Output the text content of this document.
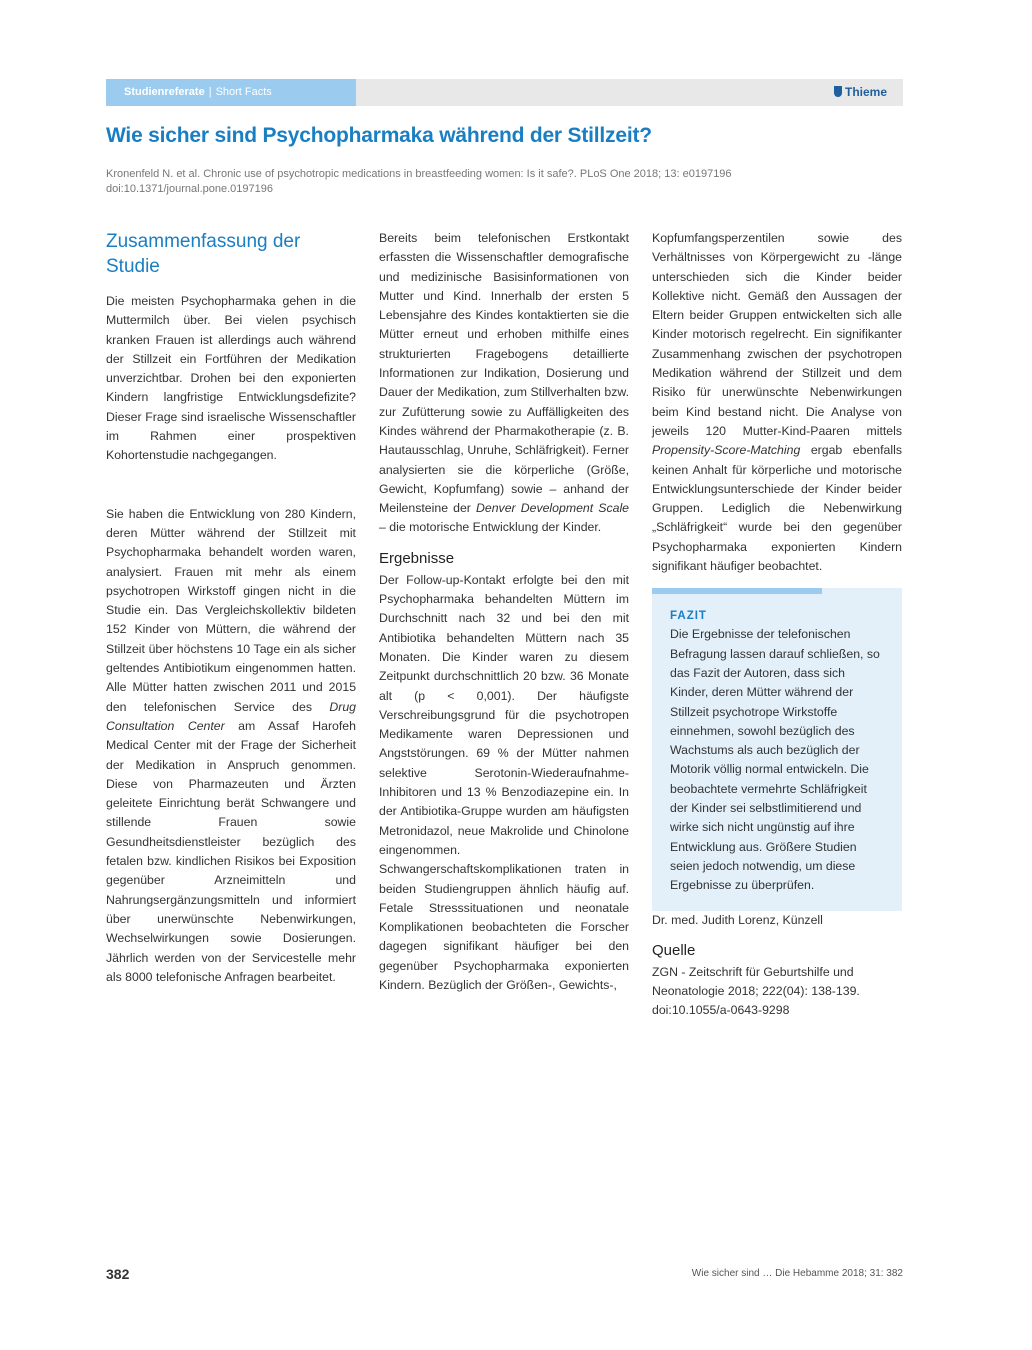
Studienreferate | Short Facts	Thieme
Wie sicher sind Psychopharmaka während der Stillzeit?
Kronenfeld N. et al. Chronic use of psychotropic medications in breastfeeding women: Is it safe?. PLoS One 2018; 13: e0197196
doi:10.1371/journal.pone.0197196
Zusammenfassung der Studie

Die meisten Psychopharmaka gehen in die Muttermilch über. Bei vielen psychisch kranken Frauen ist allerdings auch während der Stillzeit ein Fortführen der Medikation unverzichtbar. Drohen bei den exponierten Kindern langfristige Entwicklungsdefizite? Dieser Frage sind israelische Wissenschaftler im Rahmen einer prospektiven Kohortenstudie nachgegangen.

Sie haben die Entwicklung von 280 Kindern, deren Mütter während der Stillzeit mit Psychopharmaka behandelt worden waren, analysiert. Frauen mit mehr als einem psychotropen Wirkstoff gingen nicht in die Studie ein. Das Vergleichskollektiv bildeten 152 Kinder von Müttern, die während der Stillzeit über höchstens 10 Tage ein als sicher geltendes Antibiotikum eingenommen hatten. Alle Mütter hatten zwischen 2011 und 2015 den telefonischen Service des Drug Consultation Center am Assaf Harofeh Medical Center mit der Frage der Sicherheit der Medikation in Anspruch genommen. Diese von Pharmazeuten und Ärzten geleitete Einrichtung berät Schwangere und stillende	Frauen	sowie Gesundheitsdienstleister bezüglich des fetalen bzw. kindlichen Risikos bei Exposition gegenüber	Arzneimitteln	und Nahrungsergänzungsmitteln und informiert über unerwünschte Nebenwirkungen, Wechselwirkungen sowie Dosierungen. Jährlich werden von der Servicestelle mehr als 8000 telefonische Anfragen bearbeitet.

Bereits beim telefonischen Erstkontakt erfassten die Wissenschaftler demografische und medizinische Basisinformationen von Mutter und Kind. Innerhalb der ersten 5 Lebensjahre des Kindes kontaktierten sie die Mütter erneut und erhoben mithilfe eines strukturierten Fragebogens detaillierte Informationen zur Indikation, Dosierung und Dauer der Medikation, zum Stillverhalten bzw. zur Zufütterung sowie zu Auffälligkeiten des Kindes während der Pharmakotherapie (z. B. Hautausschlag, Unruhe, Schläfrigkeit). Ferner analysierten sie die körperliche (Größe, Gewicht, Kopfumfang) sowie – anhand der Meilensteine der Denver Development Scale – die motorische Entwicklung der Kinder.

Ergebnisse

Der Follow-up-Kontakt erfolgte bei den mit Psychopharmaka behandelten Müttern im Durchschnitt nach 32 und bei den mit Antibiotika behandelten Müttern nach 35 Monaten. Die Kinder waren zu diesem Zeitpunkt durchschnittlich 20 bzw. 36 Monate alt (p < 0,001). Der häufigste Verschreibungsgrund für die psychotropen Medikamente waren Depressionen und Angststörungen. 69 % der Mütter nahmen selektive	Serotonin-Wiederaufnahme-Inhibitoren und 13 % Benzodiazepine ein. In der Antibiotika-Gruppe wurden am häufigsten Metronidazol, neue Makrolide und Chinolone eingenommen. Schwangerschaftskomplikationen traten in beiden Studiengruppen ähnlich häufig auf. Fetale Stresssituationen und neonatale Komplikationen beobachteten die Forscher dagegen signifikant häufiger bei den gegenüber Psychopharmaka exponierten Kindern. Bezüglich der Größen-, Gewichts-,

Kopfumfangsperzentilen	sowie	des Verhältnisses von Körpergewicht zu -länge unterschieden sich die Kinder beider Kollektive nicht. Gemäß den Aussagen der Eltern beider Gruppen entwickelten sich alle Kinder motorisch regelrecht. Ein signifikanter Zusammenhang zwischen der psychotropen Medikation während der Stillzeit und dem Risiko für unerwünschte Nebenwirkungen beim Kind bestand nicht. Die Analyse von jeweils 120 Mutter-Kind-Paaren mittels Propensity-Score-Matching ergab ebenfalls keinen Anhalt für körperliche und motorische Entwicklungsunterschiede der Kinder beider Gruppen. Lediglich die Nebenwirkung „Schläfrigkeit“ wurde bei den gegenüber Psychopharmaka exponierten Kindern signifikant häufiger beobachtet.

FAZIT
Die Ergebnisse der telefonischen Befragung lassen darauf schließen, so das Fazit der Autoren, dass sich Kinder, deren Mütter während der Stillzeit psychotrope Wirkstoffe einnehmen, sowohl bezüglich des Wachstums als auch bezüglich der Motorik völlig normal entwickeln. Die beobachtete vermehrte Schläfrigkeit der Kinder sei selbstlimitierend und wirke sich nicht ungünstig auf ihre Entwicklung aus. Größere Studien seien jedoch notwendig, um diese Ergebnisse zu überprüfen.

Dr. med. Judith Lorenz, Künzell

Quelle

ZGN - Zeitschrift für Geburtshilfe und Neonatologie 2018; 222(04): 138-139. doi:10.1055/a-0643-9298

382	Wie sicher sind … Die Hebamme 2018; 31: 382
